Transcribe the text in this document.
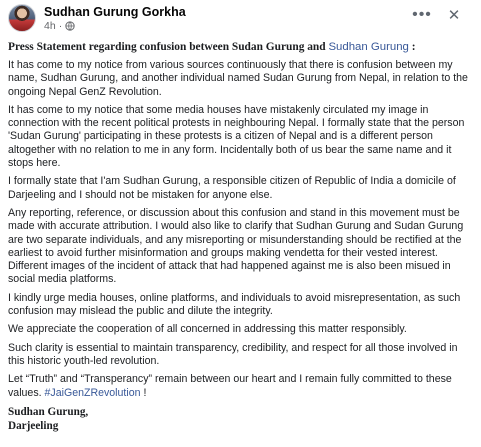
Sudhan Gurung Gorkha
4h ·
•••	✕

Press Statement regarding confusion between Sudan Gurung and Sudhan Gurung :

It has come to my notice from various sources continuously that there is confusion between my
name, Sudhan Gurung, and another individual named Sudan Gurung from Nepal, in relation to the
ongoing Nepal GenZ Revolution.

It has come to my notice that some media houses have mistakenly circulated my image in
connection with the recent political protests in neighbouring Nepal. I formally state that the person
'Sudan Gurung' participating in these protests is a citizen of Nepal and is a different person
altogether with no relation to me in any form. Incidentally both of us bear the same name and it
stops here.

I formally state that I'am Sudhan Gurung, a responsible citizen of Republic of India a domicile of
Darjeeling and I should not be mistaken for anyone else.

Any reporting, reference, or discussion about this confusion and stand in this movement must be
made with accurate attribution. I would also like to clarify that Sudhan Gurung and Sudan Gurung
are two separate individuals, and any misreporting or misunderstanding should be rectified at the
earliest to avoid further misinformation and groups making vendetta for their vested interest.
Different images of the incident of attack that had happened against me is also been misued in
social media platforms.

I kindly urge media houses, online platforms, and individuals to avoid misrepresentation, as such
confusion may mislead the public and dilute the integrity.

We appreciate the cooperation of all concerned in addressing this matter responsibly.

Such clarity is essential to maintain transparency, credibility, and respect for all those involved in
this historic youth-led revolution.

Let “Truth” and “Transperancy” remain between our heart and I remain fully committed to these
values. #JaiGenZRevolution !

Sudhan Gurung,

Darjeeling
